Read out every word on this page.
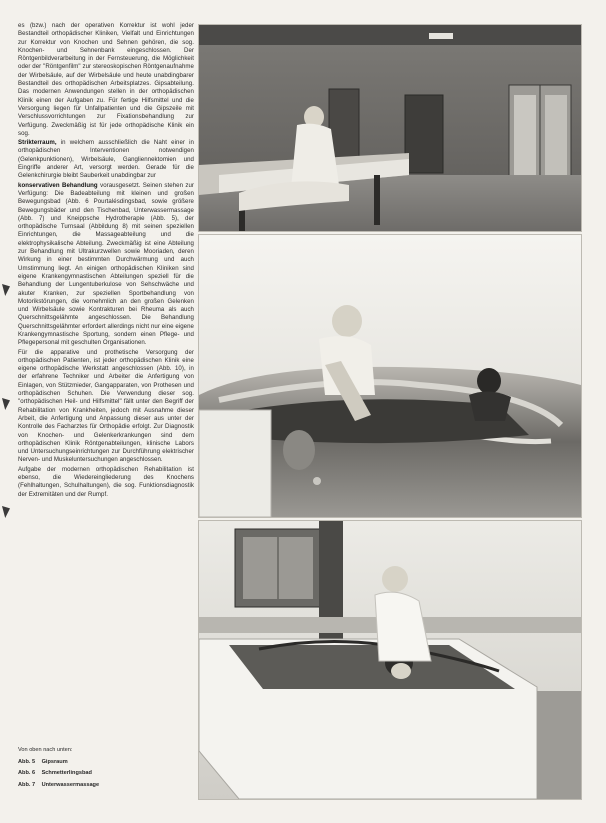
es (bzw.) nach der operativen Korrektur ist wohl jeder Bestandteil orthopädischer Kliniken, Vielfalt und Einrichtungen zur Korrektur von Knochen und Sehnen gehören, die sog. Knochen- und Sehnenbank eingeschlossen. Der Röntgenbildverarbeitung in der Fernsteuerung, die Möglichkeit oder der "Röntgenfilm" zur stereoskopischen Röntgenaufnahme der Wirbelsäule, auf der Wirbelsäule und heute unabdingbarer Bestandteil des orthopädischen Arbeitsplatzes. Gipsabteilung. Das modernen Anwendungen stellen in der orthopädischen Klinik einen der Aufgaben zu. Für fertige Hilfsmittel und die Versorgung liegen für Unfallpatienten und die Gipszeile mit Verschlussvorrichtungen zur Fixationsbehandlung zur Verfügung. Zweckmäßig ist für jede orthopädische Klinik ein sog.

Strikterraum, in welchem ausschließlich die Naht einer in orthopädischen Interventionen notwendigen (Gelenkpunktionen), Wirbelsäule, Gangliennektomien und Eingriffe anderer Art, versorgt werden. Gerade für die Gelenkchirurgie bleibt Sauberkeit unabdingbar zur

konservativen Behandlung vorausgesetzt. Seinen stehen zur Verfügung: Die Badeabteilung mit kleinen und großen Bewegungsbad (Abb. 6 Pourtalésdingsbad, sowie größere Bewegungsbäder und den Tischenbad, Unterwassermassage (Abb. 7) und Kneippsche Hydrotherapie (Abb. 5), der orthopädische Turnsaal (Abbildung 8) mit seinen speziellen Einrichtungen, die Massageabteilung und die elektrophysikalische Abteilung. Zweckmäßig ist eine Abteilung zur Behandlung mit Ultrakurzwellen sowie Mooriaden, deren Wirkung in einer bestimmten Durchwärmung und auch Umstimmung liegt. An einigen orthopädischen Kliniken sind eigene Krankengymnastischen Abteilungen speziell für die Behandlung der Lungentuberkulose von Sehschwäche und akuter Kranken, zur speziellen Sportbehandlung von Motorikstörungen, die vornehmlich an den großen Gelenken und Wirbelsäule sowie Kontrakturen bei Rheuma als auch Querschnittsgelähmte angeschlossen. Die Behandlung Querschnittsgelähmter erfordert allerdings nicht nur eine eigene Krankengymnastische Sportung, sondern einen Pflege- und Pflegepersonal mit geschulten Organisationen.

Für die apparative und prothetische Versorgung der orthopädischen Patienten, ist jeder orthopädischen Klinik eine eigene orthopädische Werkstatt angeschlossen (Abb. 10), in der erfahrene Techniker und Arbeiter die Anfertigung von Einlagen, von Stützmieder, Gangapparaten, von Prothesen und orthopädischen Schuhen. Die Verwendung dieser sog. "orthopädischen Heil- und Hilfsmittel" fällt unter den Begriff der Rehabilitation von Krankheiten, jedoch mit Ausnahme dieser Arbeit, die Anfertigung und Anpassung dieser aus unter der Kontrolle des Facharztes für Orthopädie erfolgt. Zur Diagnostik von Knochen- und Gelenkerkrankungen sind dem orthopädischen Klinik Röntgenabteilungen, klinische Labors und Untersuchungseinrichtungen zur Durchführung elektrischer Nerven- und Muskeluntersuchungen angeschlossen.

Aufgabe der modernen orthopädischen Rehabilitation ist ebenso, die Wiedereingliederung des Knochens (Fehlhaltungen, Schulhaltungen), die sog. Funktionsdiagnostik der Extremitäten und der Rumpf.

Von oben nach unten:
Abb. 5 Gipsraum
Abb. 6 Schmetterlingsbad
Abb. 7 Unterwassermassage
